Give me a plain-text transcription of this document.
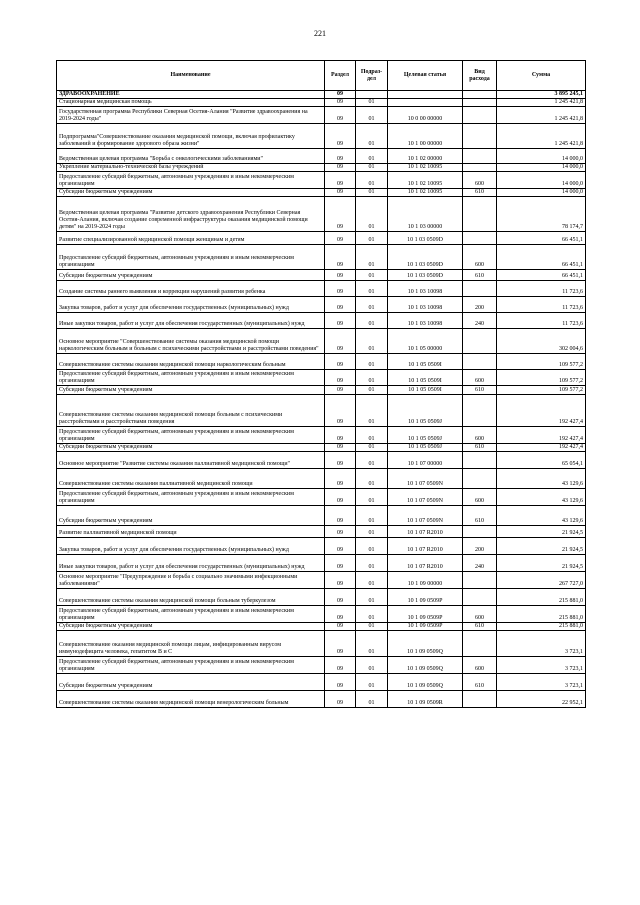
221
Наименование	Раздел	Подраз-дел	Целевая статья	Вид расхода	Сумма
ЗДРАВООХРАНЕНИЕ	09				3 895 245,1
Стационарная медицинская помощь	09	01			1 245 421,8
Государственная программа Республики Северная Осетия-Алания "Развитие здравоохранения на 2019-2024 годы"	09	01	10 0 00 00000		1 245 421,8
Подпрограмма"Совершенствование оказания медицинской помощи, включая профилактику заболеваний и формирование здорового образа жизни"	09	01	10 1 00 00000		1 245 421,8
Ведомственная целевая программа "Борьба с онкологическими заболеваниями"	09	01	10 1 02 00000		14 000,0
Укрепление материально-технической базы учреждений	09	01	10 1 02 10095		14 000,0
Предоставление субсидий бюджетным, автономным учреждениям и иным некоммерческим организациям	09	01	10 1 02 10095	600	14 000,0
Субсидии бюджетным учреждениям	09	01	10 1 02 10095	610	14 000,0
Ведомственная целевая программа "Развитие детского здравоохранения Республики Северная Осетия-Алания, включая создание современной инфраструктуры оказания медицинской помощи детям" на 2019-2024 годы	09	01	10 1 03 00000		78 174,7
Развитие специализированной медицинской помощи женщинам и детям	09	01	10 1 03 0509D		66 451,1
Предоставление субсидий бюджетным, автономным учреждениям и иным некоммерческим организациям	09	01	10 1 03 0509D	600	66 451,1
Субсидии бюджетным учреждениям	09	01	10 1 03 0509D	610	66 451,1
Создание системы раннего выявления и коррекции нарушений развития ребенка	09	01	10 1 03 10098		11 723,6
Закупка товаров, работ и услуг для обеспечения государственных (муниципальных) нужд	09	01	10 1 03 10098	200	11 723,6
Иные закупки товаров, работ и услуг для обеспечения государственных (муниципальных) нужд	09	01	10 1 03 10098	240	11 723,6
Основное мероприятие "Совершенствование системы оказания медицинской помощи наркологическим больным и больным с психическими расстройствами и расстройствами поведения"	09	01	10 1 05 00000		302 004,6
Совершенствование системы оказания медицинской помощи наркологическим больным	09	01	10 1 05 0509I		109 577,2
Предоставление субсидий бюджетным, автономным учреждениям и иным некоммерческим организациям	09	01	10 1 05 0509I	600	109 577,2
Субсидии бюджетным учреждениям	09	01	10 1 05 0509I	610	109 577,2
Совершенствование системы оказания медицинской помощи больным с психическими расстройствами и расстройствами поведения	09	01	10 1 05 0509J		192 427,4
Предоставление субсидий бюджетным, автономным учреждениям и иным некоммерческим организациям	09	01	10 1 05 0509J	600	192 427,4
Субсидии бюджетным учреждениям	09	01	10 1 05 0509J	610	192 427,4
Основное мероприятие "Развитие системы оказания паллиативной медицинской помощи"	09	01	10 1 07 00000		65 054,1
Совершенствование системы оказания паллиативной медицинской помощи	09	01	10 1 07 0509N		43 129,6
Предоставление субсидий бюджетным, автономным учреждениям и иным некоммерческим организациям	09	01	10 1 07 0509N	600	43 129,6
Субсидии бюджетным учреждениям	09	01	10 1 07 0509N	610	43 129,6
Развитие паллиативной медицинской помощи	09	01	10 1 07 R2010		21 924,5
Закупка товаров, работ и услуг для обеспечения государственных (муниципальных) нужд	09	01	10 1 07 R2010	200	21 924,5
Иные закупки товаров, работ и услуг для обеспечения государственных (муниципальных) нужд	09	01	10 1 07 R2010	240	21 924,5
Основное мероприятие "Предупреждение и борьба с социально значимыми инфекционными заболеваниями"	09	01	10 1 09 00000		267 727,0
Совершенствование системы оказания медицинской помощи больным туберкулезом	09	01	10 1 09 0509P		215 881,0
Предоставление субсидий бюджетным, автономным учреждениям и иным некоммерческим организациям	09	01	10 1 09 0509P	600	215 881,0
Субсидии бюджетным учреждениям	09	01	10 1 09 0509P	610	215 881,0
Совершенствование оказания медицинской помощи лицам, инфицированным вирусом иммунодефицита человека, гепатитом В и С	09	01	10 1 09 0509Q		3 723,1
Предоставление субсидий бюджетным, автономным учреждениям и иным некоммерческим организациям	09	01	10 1 09 0509Q	600	3 723,1
Субсидии бюджетным учреждениям	09	01	10 1 09 0509Q	610	3 723,1
Совершенствование системы оказания медицинской помощи венерологическим больным	09	01	10 1 09 0509R		22 952,1
